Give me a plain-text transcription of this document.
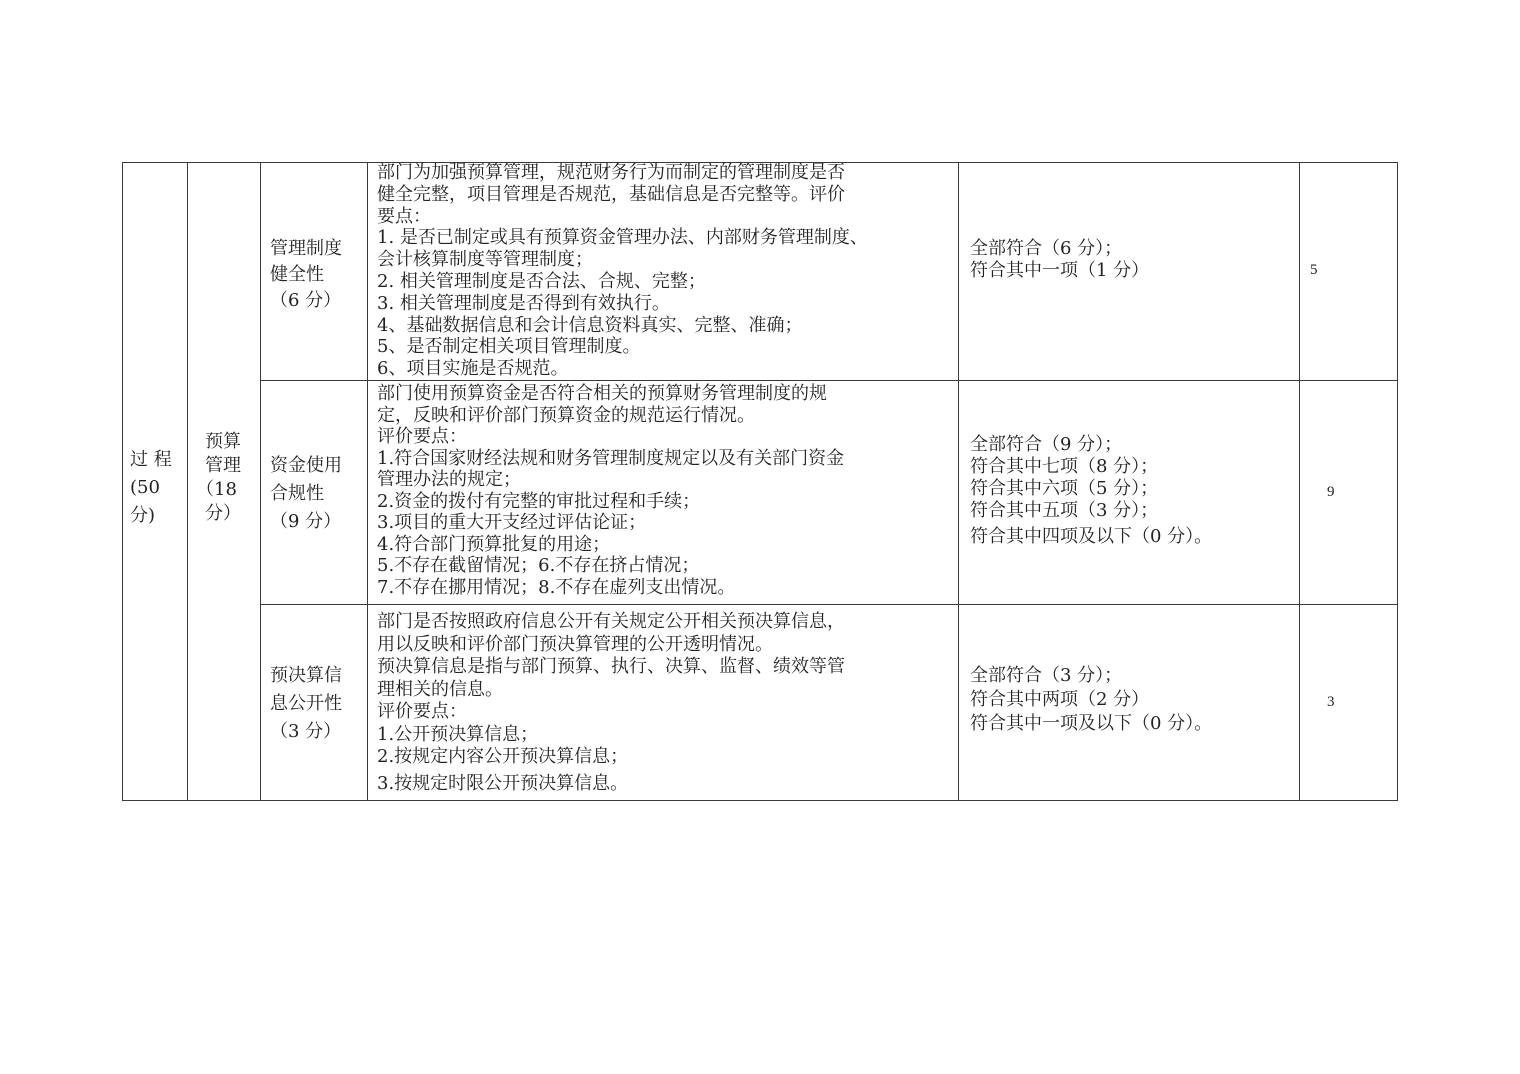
过 程
(50
分)
预算
管理
（18
分）
管理制度
健全性
（6 分）
部门为加强预算管理，规范财务行为而制定的管理制度是否
健全完整，项目管理是否规范，基础信息是否完整等。评价
要点：
1. 是否已制定或具有预算资金管理办法、内部财务管理制度、
会计核算制度等管理制度；
2. 相关管理制度是否合法、合规、完整；
3. 相关管理制度是否得到有效执行。
4、基础数据信息和会计信息资料真实、完整、准确；
5、是否制定相关项目管理制度。
6、项目实施是否规范。
全部符合（6 分）；
符合其中一项（1 分）	5
资金使用
合规性
（9 分）
部门使用预算资金是否符合相关的预算财务管理制度的规
定，反映和评价部门预算资金的规范运行情况。
评价要点：
1.符合国家财经法规和财务管理制度规定以及有关部门资金
管理办法的规定；
2.资金的拨付有完整的审批过程和手续；
3.项目的重大开支经过评估论证；
4.符合部门预算批复的用途；
5.不存在截留情况；6.不存在挤占情况；
7.不存在挪用情况；8.不存在虚列支出情况。
全部符合（9 分）；
符合其中七项（8 分）；
符合其中六项（5 分）；
符合其中五项（3 分）；
符合其中四项及以下（0 分）。
9
预决算信
息公开性
（3 分）
部门是否按照政府信息公开有关规定公开相关预决算信息，
用以反映和评价部门预决算管理的公开透明情况。
预决算信息是指与部门预算、执行、决算、监督、绩效等管
理相关的信息。
评价要点：
1.公开预决算信息；
2.按规定内容公开预决算信息；
3.按规定时限公开预决算信息。
全部符合（3 分）；
符合其中两项（2 分）
符合其中一项及以下（0 分）。
3
